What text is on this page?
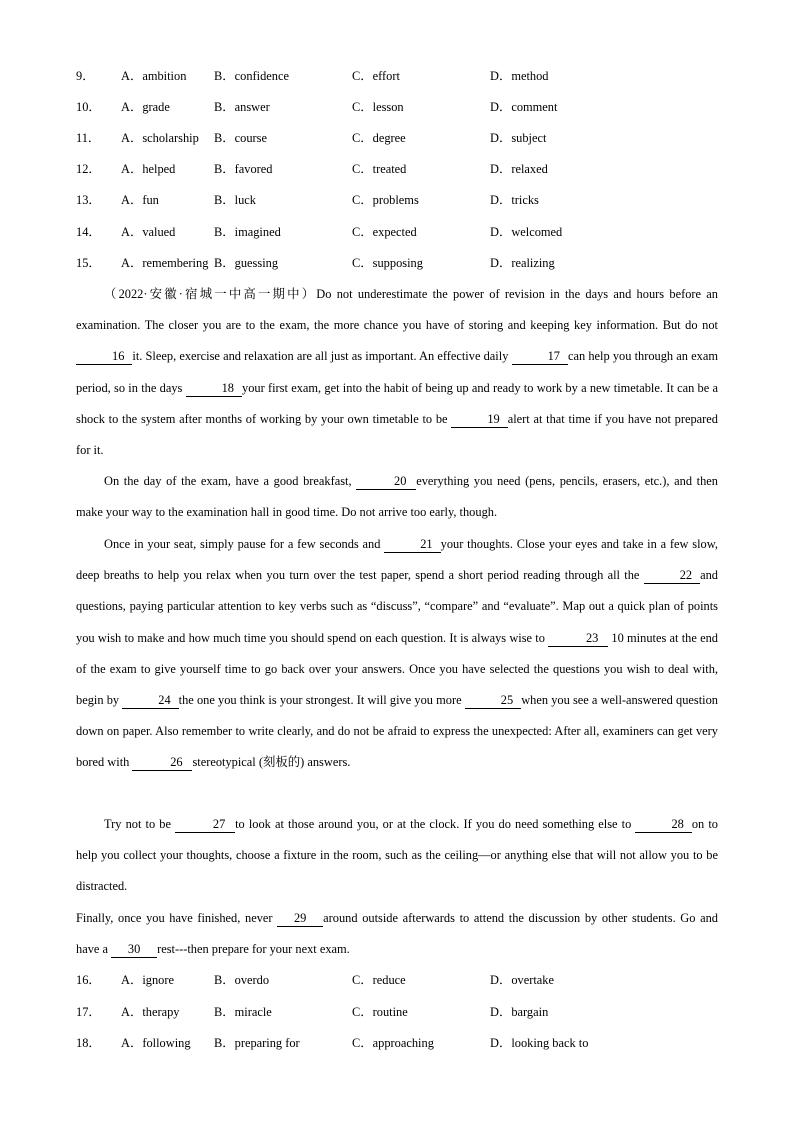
9． A．ambition B．confidence	C．effort	D．method
10． A．grade	B．answer	C．lesson	D．comment
11． A．scholarship B．course	C．degree	D．subject
12． A．helped	B．favored	C．treated	D．relaxed
13． A．fun	B．luck	C．problems	D．tricks
14． A．valued	B．imagined	C．expected	D．welcomed
15． A．remembering B．guessing	C．supposing	D．realizing

（2022·安徽·宿城一中高一期中）Do not underestimate the power of revision in the days and hours before an examination. The closer you are to the exam, the more chance you have of storing and keeping key information. But do not 16 it. Sleep, exercise and relaxation are all just as important. An effective daily	17 can help you through an exam period, so in the days	18 your first exam, get into the habit of being up and ready to work by a new timetable. It can be a shock to the system after months of working by your own timetable to be	19 alert at that time if you have not prepared for it.

On the day of the exam, have a good breakfast,	20 everything you need (pens, pencils, erasers, etc.), and then make your way to the examination hall in good time. Do not arrive too early, though.

Once in your seat, simply pause for a few seconds and	21 your thoughts. Close your eyes and take in a few slow, deep breaths to help you relax when you turn over the test paper, spend a short period reading through all the	22 and questions, paying particular attention to key verbs such as “discuss”, “compare” and “evaluate”. Map out a quick plan of points you wish to make and how much time you should spend on each question. It is always wise to	23 10 minutes at the end of the exam to give yourself time to go back over your answers. Once you have selected the questions you wish to deal with, begin by	24 the one you think is your strongest. It will give you more	25 when you see a well-answered question down on paper. Also remember to write clearly, and do not be afraid to express the unexpected: After all, examiners can get very bored with	26 stereotypical (刻板的) answers.

Try not to be	27 to look at those around you, or at the clock. If you do need something else to	28 on to help you collect your thoughts, choose a fixture in the room, such as the ceiling—or anything else that will not allow you to be distracted.

Finally, once you have finished, never 29 around outside afterwards to attend the discussion by other students. Go and have a 30 rest---then prepare for your next exam.

16． A．ignore	B．overdo	C．reduce	D．overtake
17． A．therapy	B．miracle	C．routine	D．bargain
18． A．following B．preparing for	C．approaching	D．looking back to
